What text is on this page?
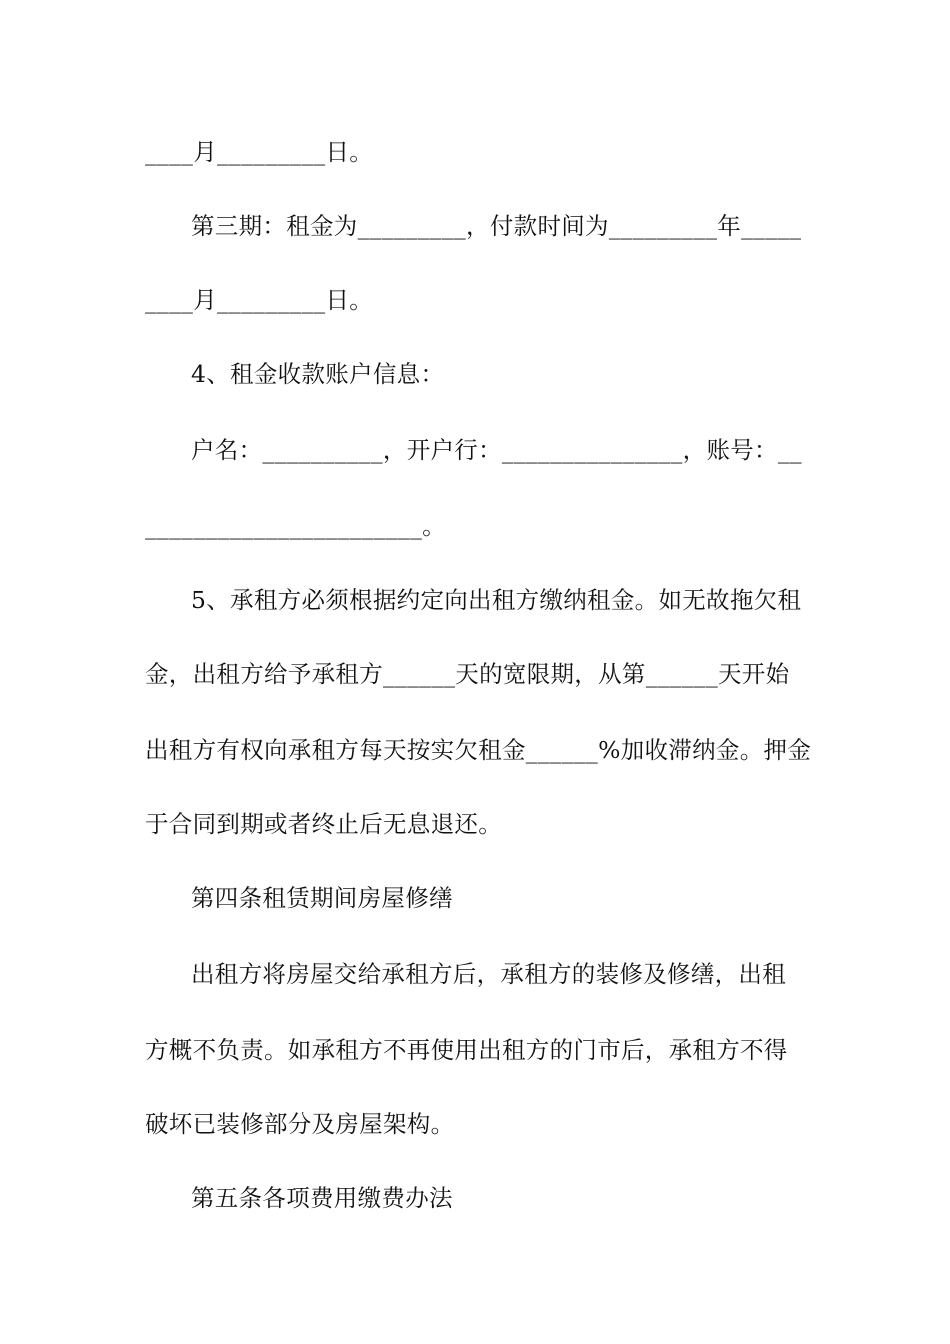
____月_________日。
第三期：租金为_________，付款时间为_________年_____
____月_________日。
4、租金收款账户信息：
户名：__________，开户行：_______________，账号：__
_______________________。
5、承租方必须根据约定向出租方缴纳租金。如无故拖欠租
金，出租方给予承租方______天的宽限期，从第______天开始
出租方有权向承租方每天按实欠租金______%加收滞纳金。押金
于合同到期或者终止后无息退还。
第四条租赁期间房屋修缮
出租方将房屋交给承租方后，承租方的装修及修缮，出租
方概不负责。如承租方不再使用出租方的门市后，承租方不得
破坏已装修部分及房屋架构。
第五条各项费用缴费办法
